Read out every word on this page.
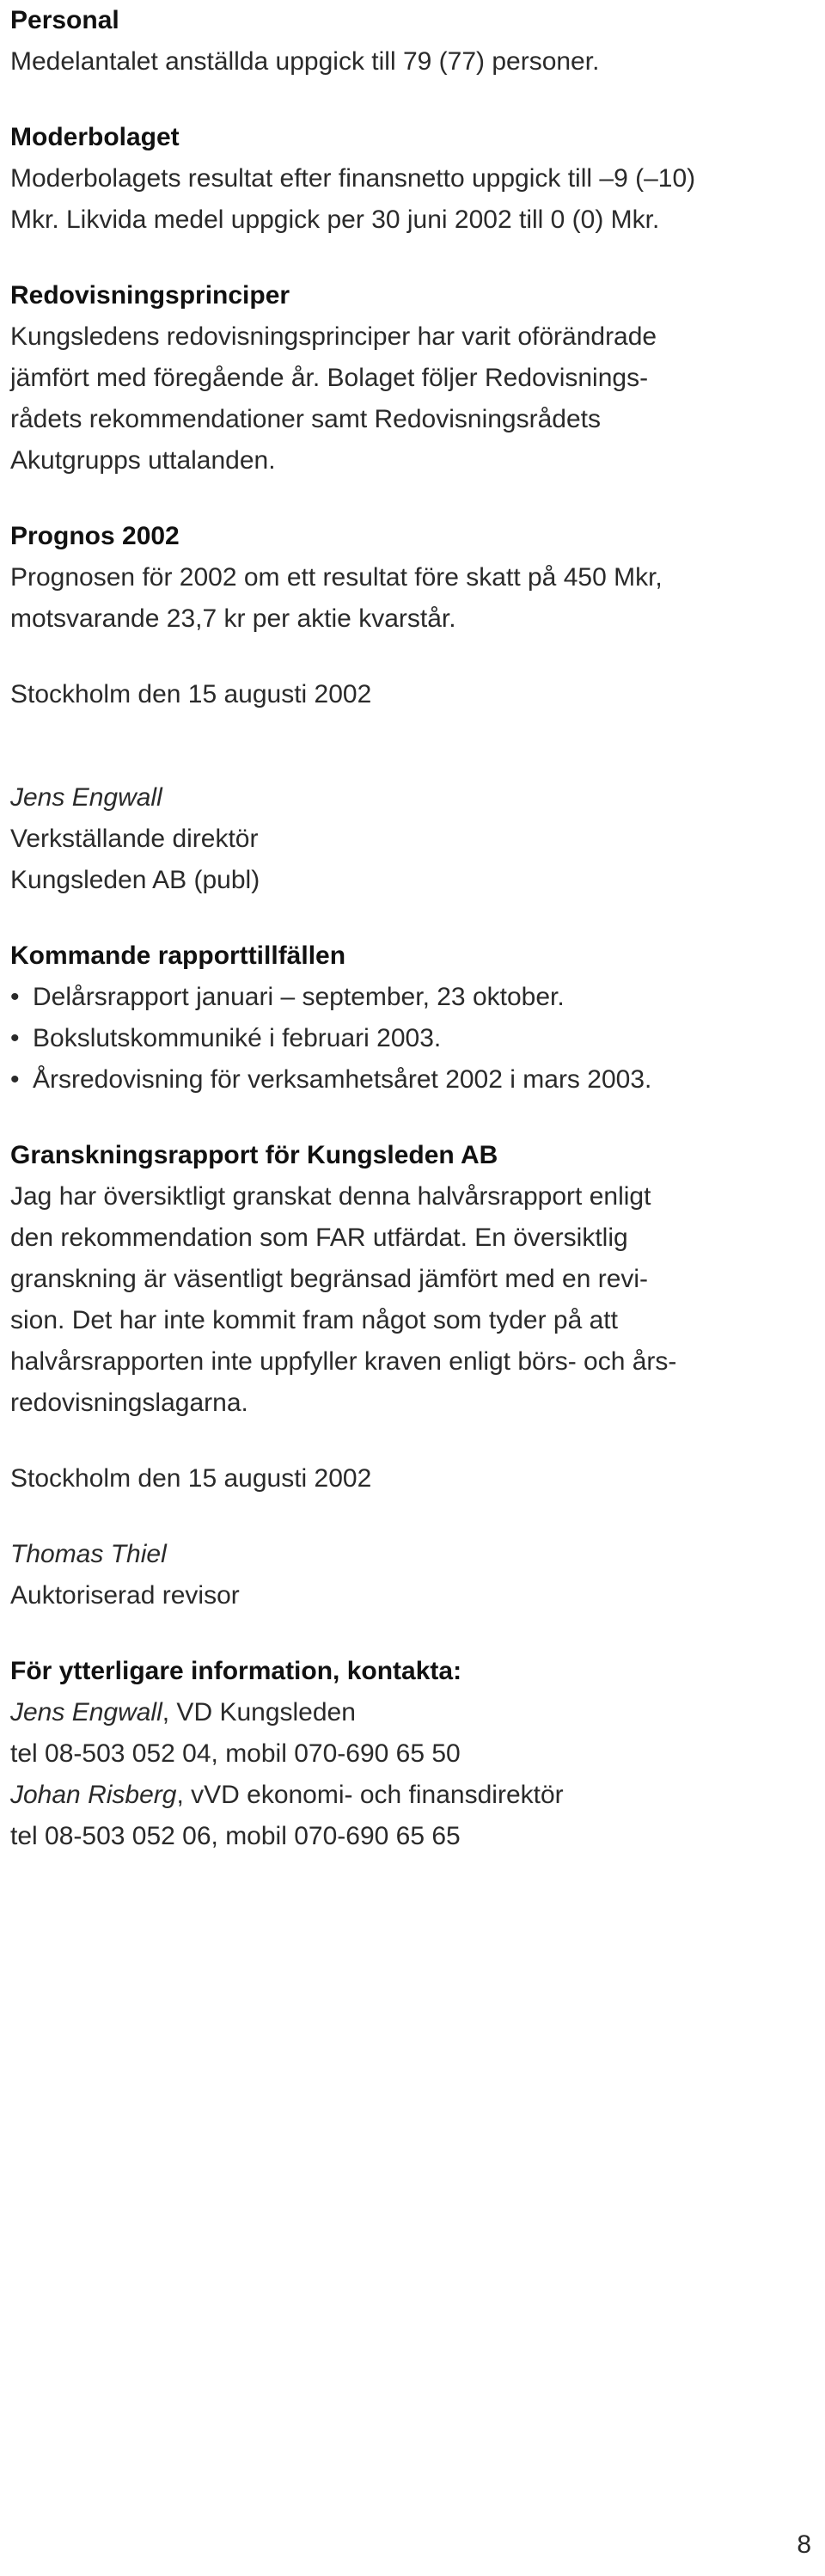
Personal

Medelantalet anställda uppgick till 79 (77) personer.

Moderbolaget

Moderbolagets resultat efter finansnetto uppgick till –9 (–10)
Mkr. Likvida medel uppgick per 30 juni 2002 till 0 (0) Mkr.

Redovisningsprinciper

Kungsledens redovisningsprinciper har varit oförändrade
jämfört med föregående år. Bolaget följer Redovisnings-
rådets rekommendationer samt Redovisningsrådets
Akutgrupps uttalanden.

Prognos 2002

Prognosen för 2002 om ett resultat före skatt på 450 Mkr,
motsvarande 23,7 kr per aktie kvarstår.

Stockholm den 15 augusti 2002

Jens Engwall

Verkställande direktör

Kungsleden AB (publ)

Kommande rapporttillfällen

• Delårsrapport januari – september, 23 oktober.
• Bokslutskommuniké i februari 2003.
• Årsredovisning för verksamhetsåret 2002 i mars 2003.

Granskningsrapport för Kungsleden AB

Jag har översiktligt granskat denna halvårsrapport enligt
den rekommendation som FAR utfärdat. En översiktlig
granskning är väsentligt begränsad jämfört med en revi-
sion. Det har inte kommit fram något som tyder på att
halvårsrapporten inte uppfyller kraven enligt börs- och års-
redovisningslagarna.

Stockholm den 15 augusti 2002

Thomas Thiel

Auktoriserad revisor

För ytterligare information, kontakta:

Jens Engwall, VD Kungsleden

tel 08-503 052 04, mobil 070-690 65 50

Johan Risberg, vVD ekonomi- och finansdirektör

tel 08-503 052 06, mobil 070-690 65 65

8
